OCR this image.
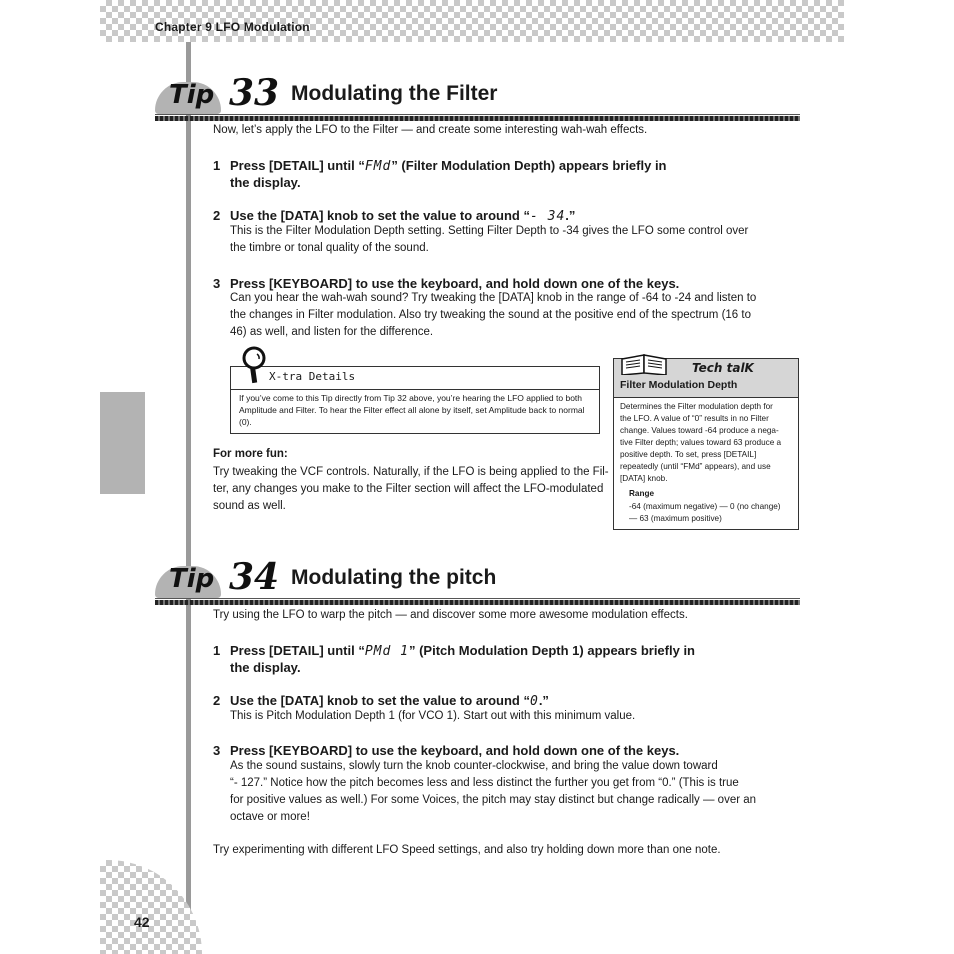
Chapter 9 LFO Modulation
42
Tip 33 Modulating the Filter
Now, let’s apply the LFO to the Filter — and create some interesting wah-wah effects.
1 Press [DETAIL] until “FMd” (Filter Modulation Depth) appears briefly in
the display.
2 Use the [DATA] knob to set the value to around “- 34.”
This is the Filter Modulation Depth setting. Setting Filter Depth to -34 gives the LFO some control over
the timbre or tonal quality of the sound.
3 Press [KEYBOARD] to use the keyboard, and hold down one of the keys.
Can you hear the wah-wah sound? Try tweaking the [DATA] knob in the range of -64 to -24 and listen to
the changes in Filter modulation. Also try tweaking the sound at the positive end of the spectrum (16 to
46) as well, and listen for the difference.
X-tra Details
If you’ve come to this Tip directly from Tip 32 above, you’re hearing the LFO applied to both
Amplitude and Filter. To hear the Filter effect all alone by itself, set Amplitude back to normal
(0).
For more fun:
Try tweaking the VCF controls. Naturally, if the LFO is being applied to the Fil-
ter, any changes you make to the Filter section will affect the LFO-modulated
sound as well.
Tech talK
Filter Modulation Depth
Determines the Filter modulation depth for
the LFO. A value of “0” results in no Filter
change. Values toward -64 produce a nega-
tive Filter depth; values toward 63 produce a
positive depth. To set, press [DETAIL]
repeatedly (until “FMd” appears), and use
[DATA] knob.
Range
-64 (maximum negative) — 0 (no change)
— 63 (maximum positive)
Tip 34 Modulating the pitch
Try using the LFO to warp the pitch — and discover some more awesome modulation effects.
1 Press [DETAIL] until “PMd 1” (Pitch Modulation Depth 1) appears briefly in
the display.
2 Use the [DATA] knob to set the value to around “0.”
This is Pitch Modulation Depth 1 (for VCO 1). Start out with this minimum value.
3 Press [KEYBOARD] to use the keyboard, and hold down one of the keys.
As the sound sustains, slowly turn the knob counter-clockwise, and bring the value down toward
“- 127.” Notice how the pitch becomes less and less distinct the further you get from “0.” (This is true
for positive values as well.) For some Voices, the pitch may stay distinct but change radically — over an
octave or more!
Try experimenting with different LFO Speed settings, and also try holding down more than one note.
